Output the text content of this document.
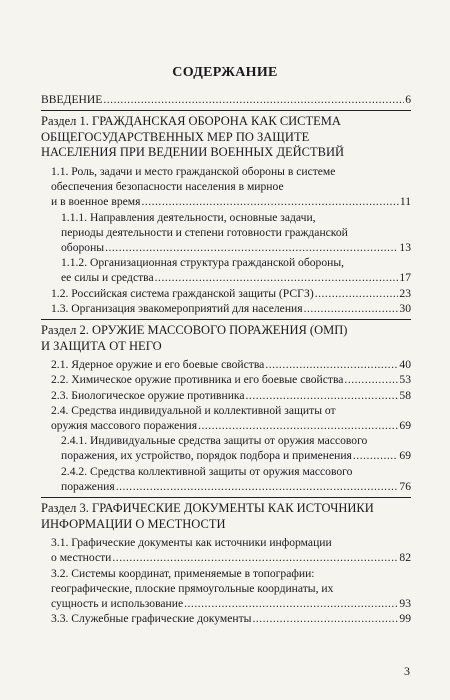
СОДЕРЖАНИЕ
ВВЕДЕНИЕ .....	6
Раздел 1. ГРАЖДАНСКАЯ ОБОРОНА КАК СИСТЕМА
ОБЩЕГОСУДАРСТВЕННЫХ МЕР ПО ЗАЩИТЕ
НАСЕЛЕНИЯ ПРИ ВЕДЕНИИ ВОЕННЫХ ДЕЙСТВИЙ
1.1. Роль, задачи и место гражданской обороны в системе
обеспечения безопасности населения в мирное
и в военное время .....	11
1.1.1. Направления деятельности, основные задачи,
периоды деятельности и степени готовности гражданской
обороны .....	13
1.1.2. Организационная структура гражданской обороны,
ее силы и средства .....	17
1.2. Российская система гражданской защиты (РСГЗ) .....	23
1.3. Организация эвакомероприятий для населения .....	30
Раздел 2. ОРУЖИЕ МАССОВОГО ПОРАЖЕНИЯ (ОМП)
И ЗАЩИТА ОТ НЕГО
2.1. Ядерное оружие и его боевые свойства .....	40
2.2. Химическое оружие противника и его боевые свойства .....	53
2.3. Биологическое оружие противника .....	58
2.4. Средства индивидуальной и коллективной защиты от
оружия массового поражения .....	69
2.4.1. Индивидуальные средства защиты от оружия массового
поражения, их устройство, порядок подбора и применения .....	69
2.4.2. Средства коллективной защиты от оружия массового
поражения .....	76
Раздел 3. ГРАФИЧЕСКИЕ ДОКУМЕНТЫ КАК ИСТОЧНИКИ
ИНФОРМАЦИИ О МЕСТНОСТИ
3.1. Графические документы как источники информации
о местности .....	82
3.2. Системы координат, применяемые в топографии:
географические, плоские прямоугольные координаты, их
сущность и использование .....	93
3.3. Служебные графические документы .....	99
3
